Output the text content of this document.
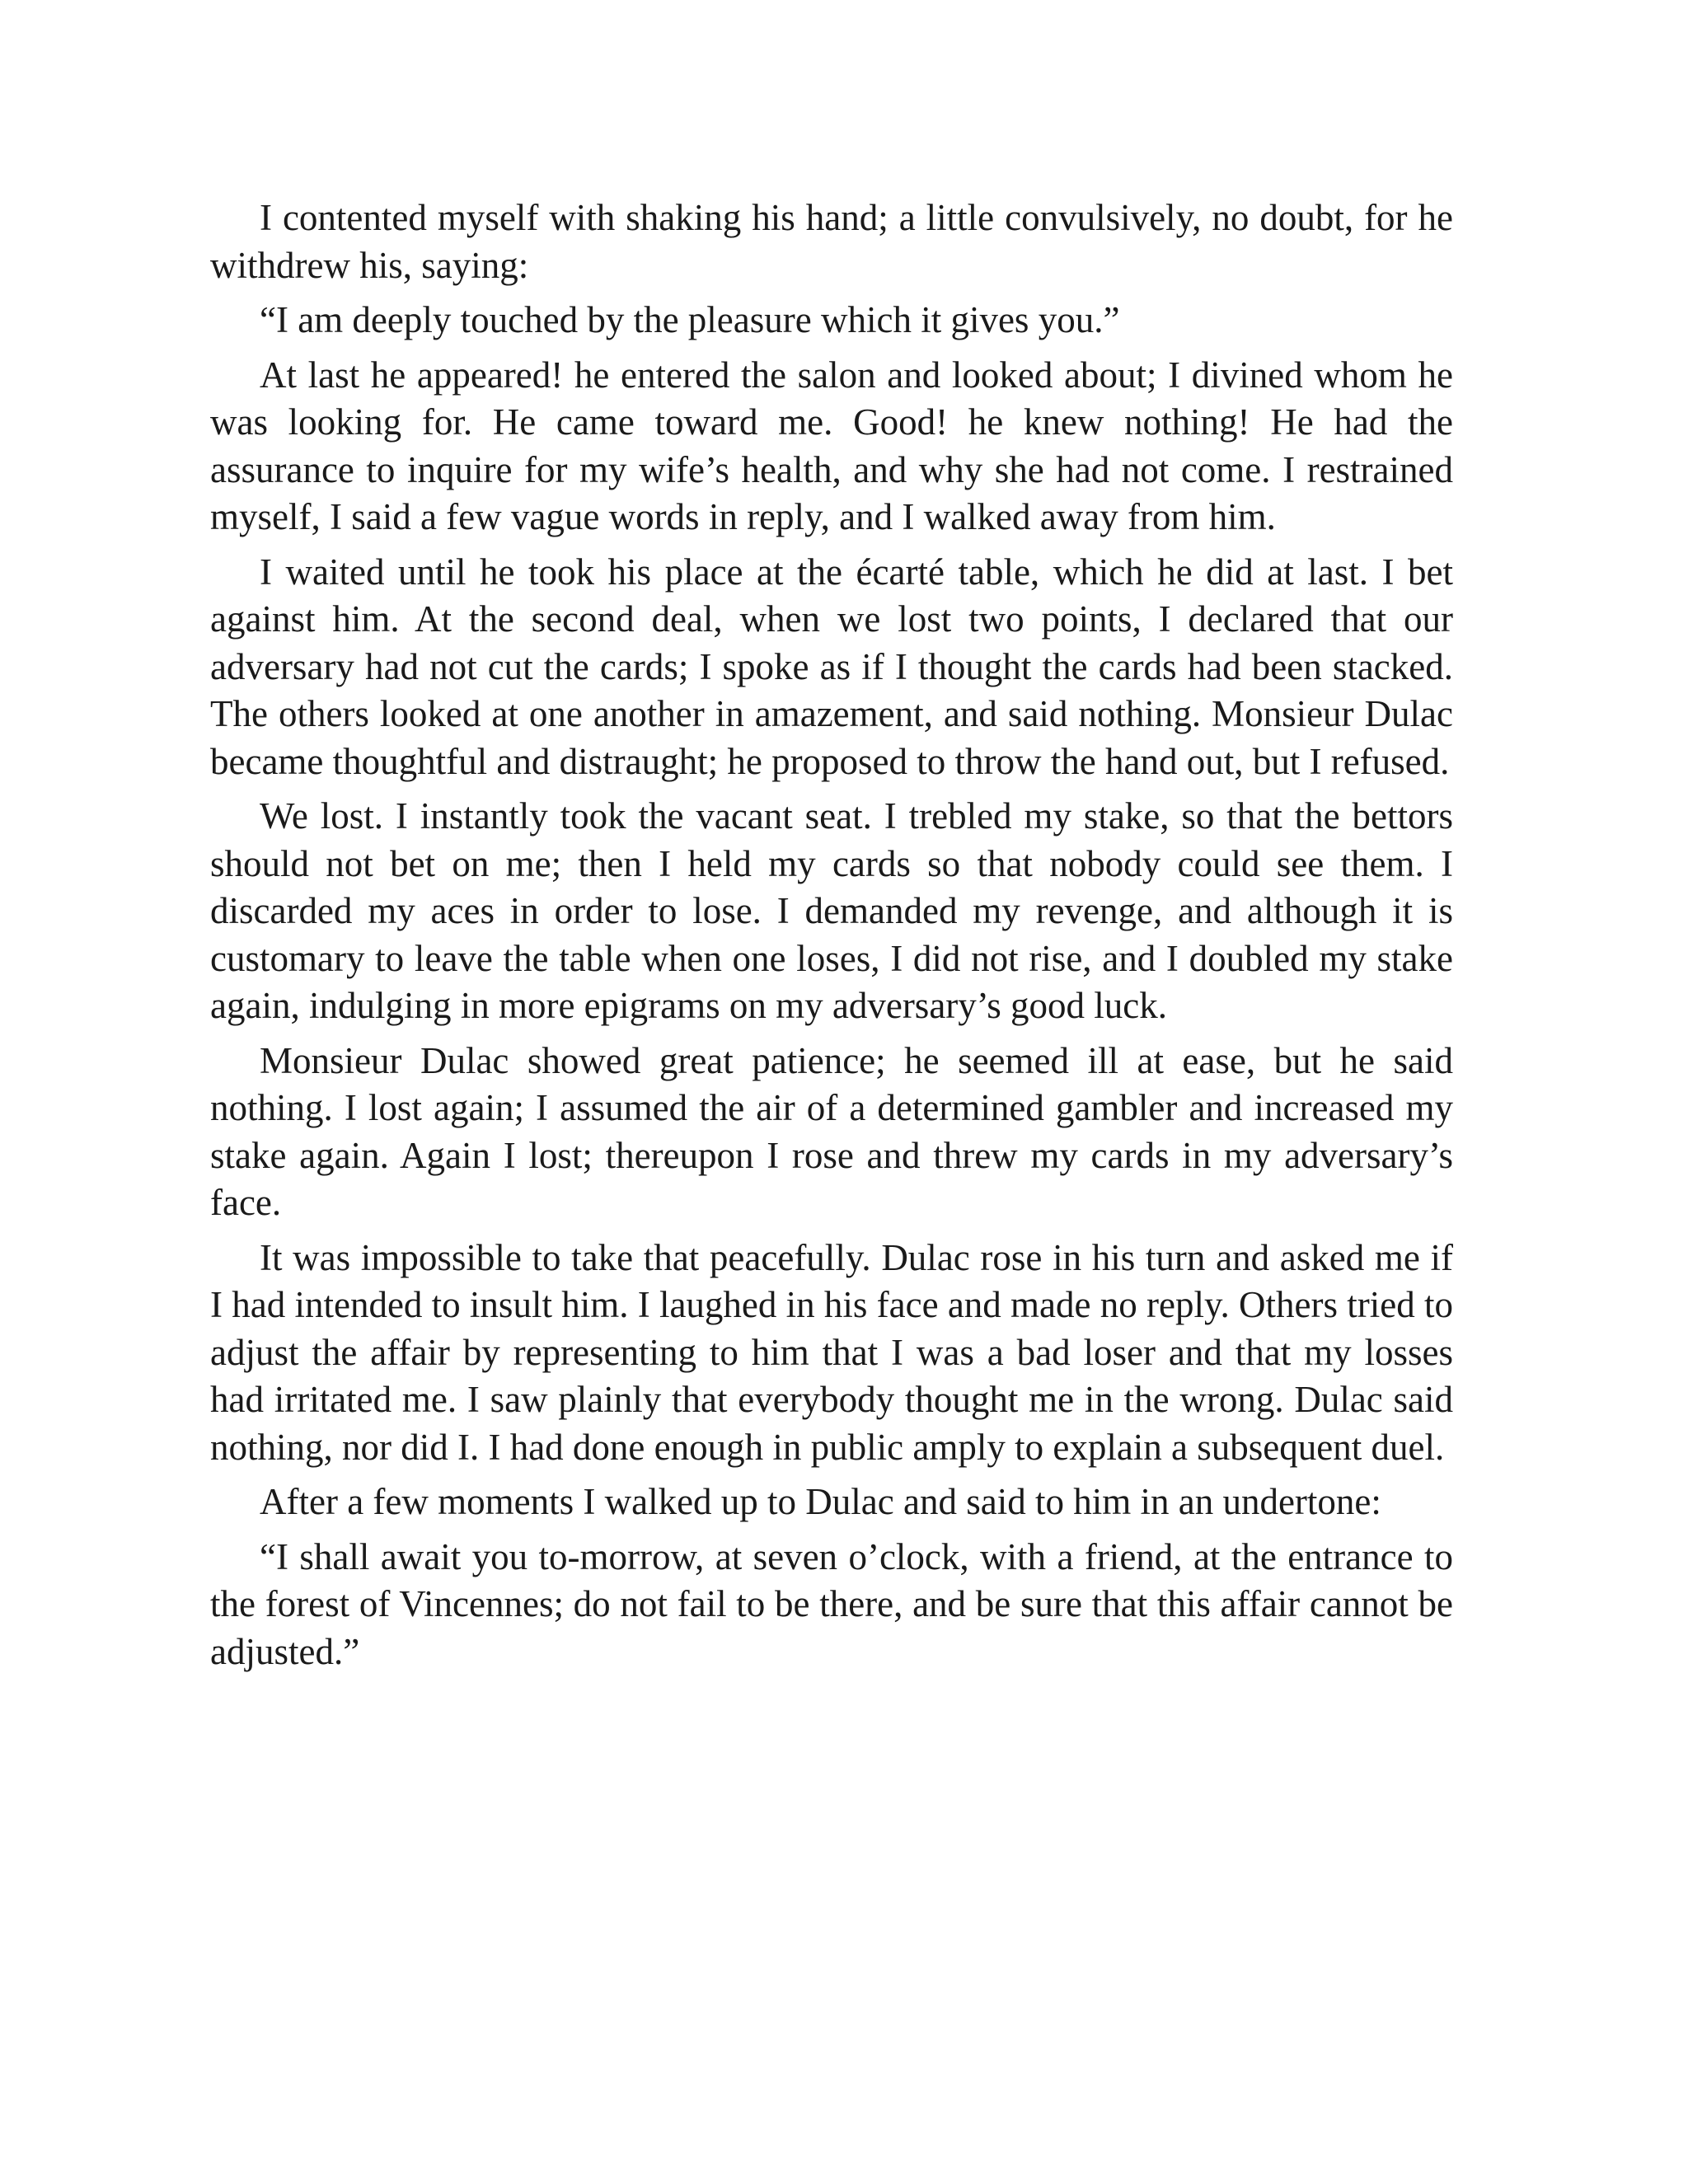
I contented myself with shaking his hand; a little convulsively, no doubt, for he withdrew his, saying:

“I am deeply touched by the pleasure which it gives you.”

At last he appeared! he entered the salon and looked about; I divined whom he was looking for. He came toward me. Good! he knew nothing! He had the assurance to inquire for my wife’s health, and why she had not come. I restrained myself, I said a few vague words in reply, and I walked away from him.

I waited until he took his place at the écarté table, which he did at last. I bet against him. At the second deal, when we lost two points, I declared that our adversary had not cut the cards; I spoke as if I thought the cards had been stacked. The others looked at one another in amazement, and said nothing. Monsieur Dulac became thoughtful and distraught; he proposed to throw the hand out, but I refused.

We lost. I instantly took the vacant seat. I trebled my stake, so that the bettors should not bet on me; then I held my cards so that nobody could see them. I discarded my aces in order to lose. I demanded my revenge, and although it is customary to leave the table when one loses, I did not rise, and I doubled my stake again, indulging in more epigrams on my adversary’s good luck.

Monsieur Dulac showed great patience; he seemed ill at ease, but he said nothing. I lost again; I assumed the air of a determined gambler and increased my stake again. Again I lost; thereupon I rose and threw my cards in my adversary’s face.

It was impossible to take that peacefully. Dulac rose in his turn and asked me if I had intended to insult him. I laughed in his face and made no reply. Others tried to adjust the affair by representing to him that I was a bad loser and that my losses had irritated me. I saw plainly that everybody thought me in the wrong. Dulac said nothing, nor did I. I had done enough in public amply to explain a subsequent duel.

After a few moments I walked up to Dulac and said to him in an undertone:

“I shall await you to-morrow, at seven o’clock, with a friend, at the entrance to the forest of Vincennes; do not fail to be there, and be sure that this affair cannot be adjusted.”
